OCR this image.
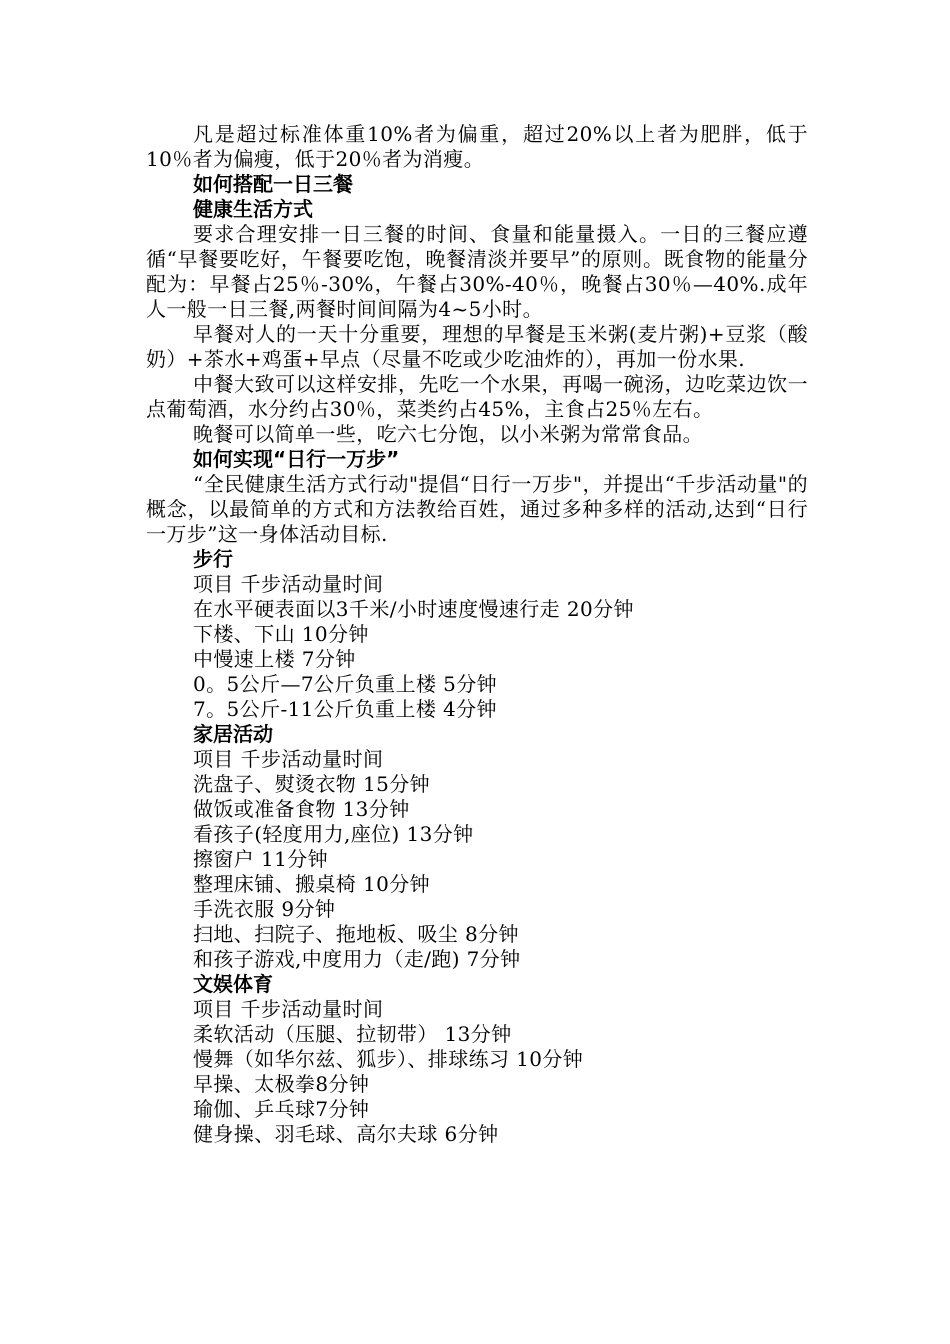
凡是超过标准体重10%者为偏重，超过20%以上者为肥胖，低于10％者为偏瘦，低于20％者为消瘦。

如何搭配一日三餐

健康生活方式

要求合理安排一日三餐的时间、食量和能量摄入。一日的三餐应遵循“早餐要吃好，午餐要吃饱，晚餐清淡并要早”的原则。既食物的能量分配为：早餐占25％-30%，午餐占30%-40％，晚餐占30％—40%.成年人一般一日三餐,两餐时间间隔为4~5小时。

早餐对人的一天十分重要，理想的早餐是玉米粥(麦片粥)+豆浆（酸奶）+茶水+鸡蛋+早点（尽量不吃或少吃油炸的），再加一份水果.

中餐大致可以这样安排，先吃一个水果，再喝一碗汤，边吃菜边饮一点葡萄酒，水分约占30％，菜类约占45%，主食占25％左右。

晚餐可以简单一些，吃六七分饱，以小米粥为常常食品。

如何实现“日行一万步”

“全民健康生活方式行动"提倡“日行一万步"，并提出“千步活动量"的概念，以最简单的方式和方法教给百姓，通过多种多样的活动,达到“日行一万步”这一身体活动目标.

步行

项目 千步活动量时间

在水平硬表面以3千米/小时速度慢速行走 20分钟

下楼、下山 10分钟

中慢速上楼 7分钟

0。5公斤—7公斤负重上楼 5分钟

7。5公斤-11公斤负重上楼 4分钟

家居活动

项目 千步活动量时间

洗盘子、熨烫衣物 15分钟

做饭或准备食物 13分钟

看孩子(轻度用力,座位) 13分钟

擦窗户 11分钟

整理床铺、搬桌椅 10分钟

手洗衣服 9分钟

扫地、扫院子、拖地板、吸尘 8分钟

和孩子游戏,中度用力（走/跑) 7分钟

文娱体育

项目 千步活动量时间

柔软活动（压腿、拉韧带） 13分钟

慢舞（如华尔兹、狐步）、排球练习 10分钟

早操、太极拳8分钟

瑜伽、乒乓球7分钟

健身操、羽毛球、高尔夫球 6分钟
